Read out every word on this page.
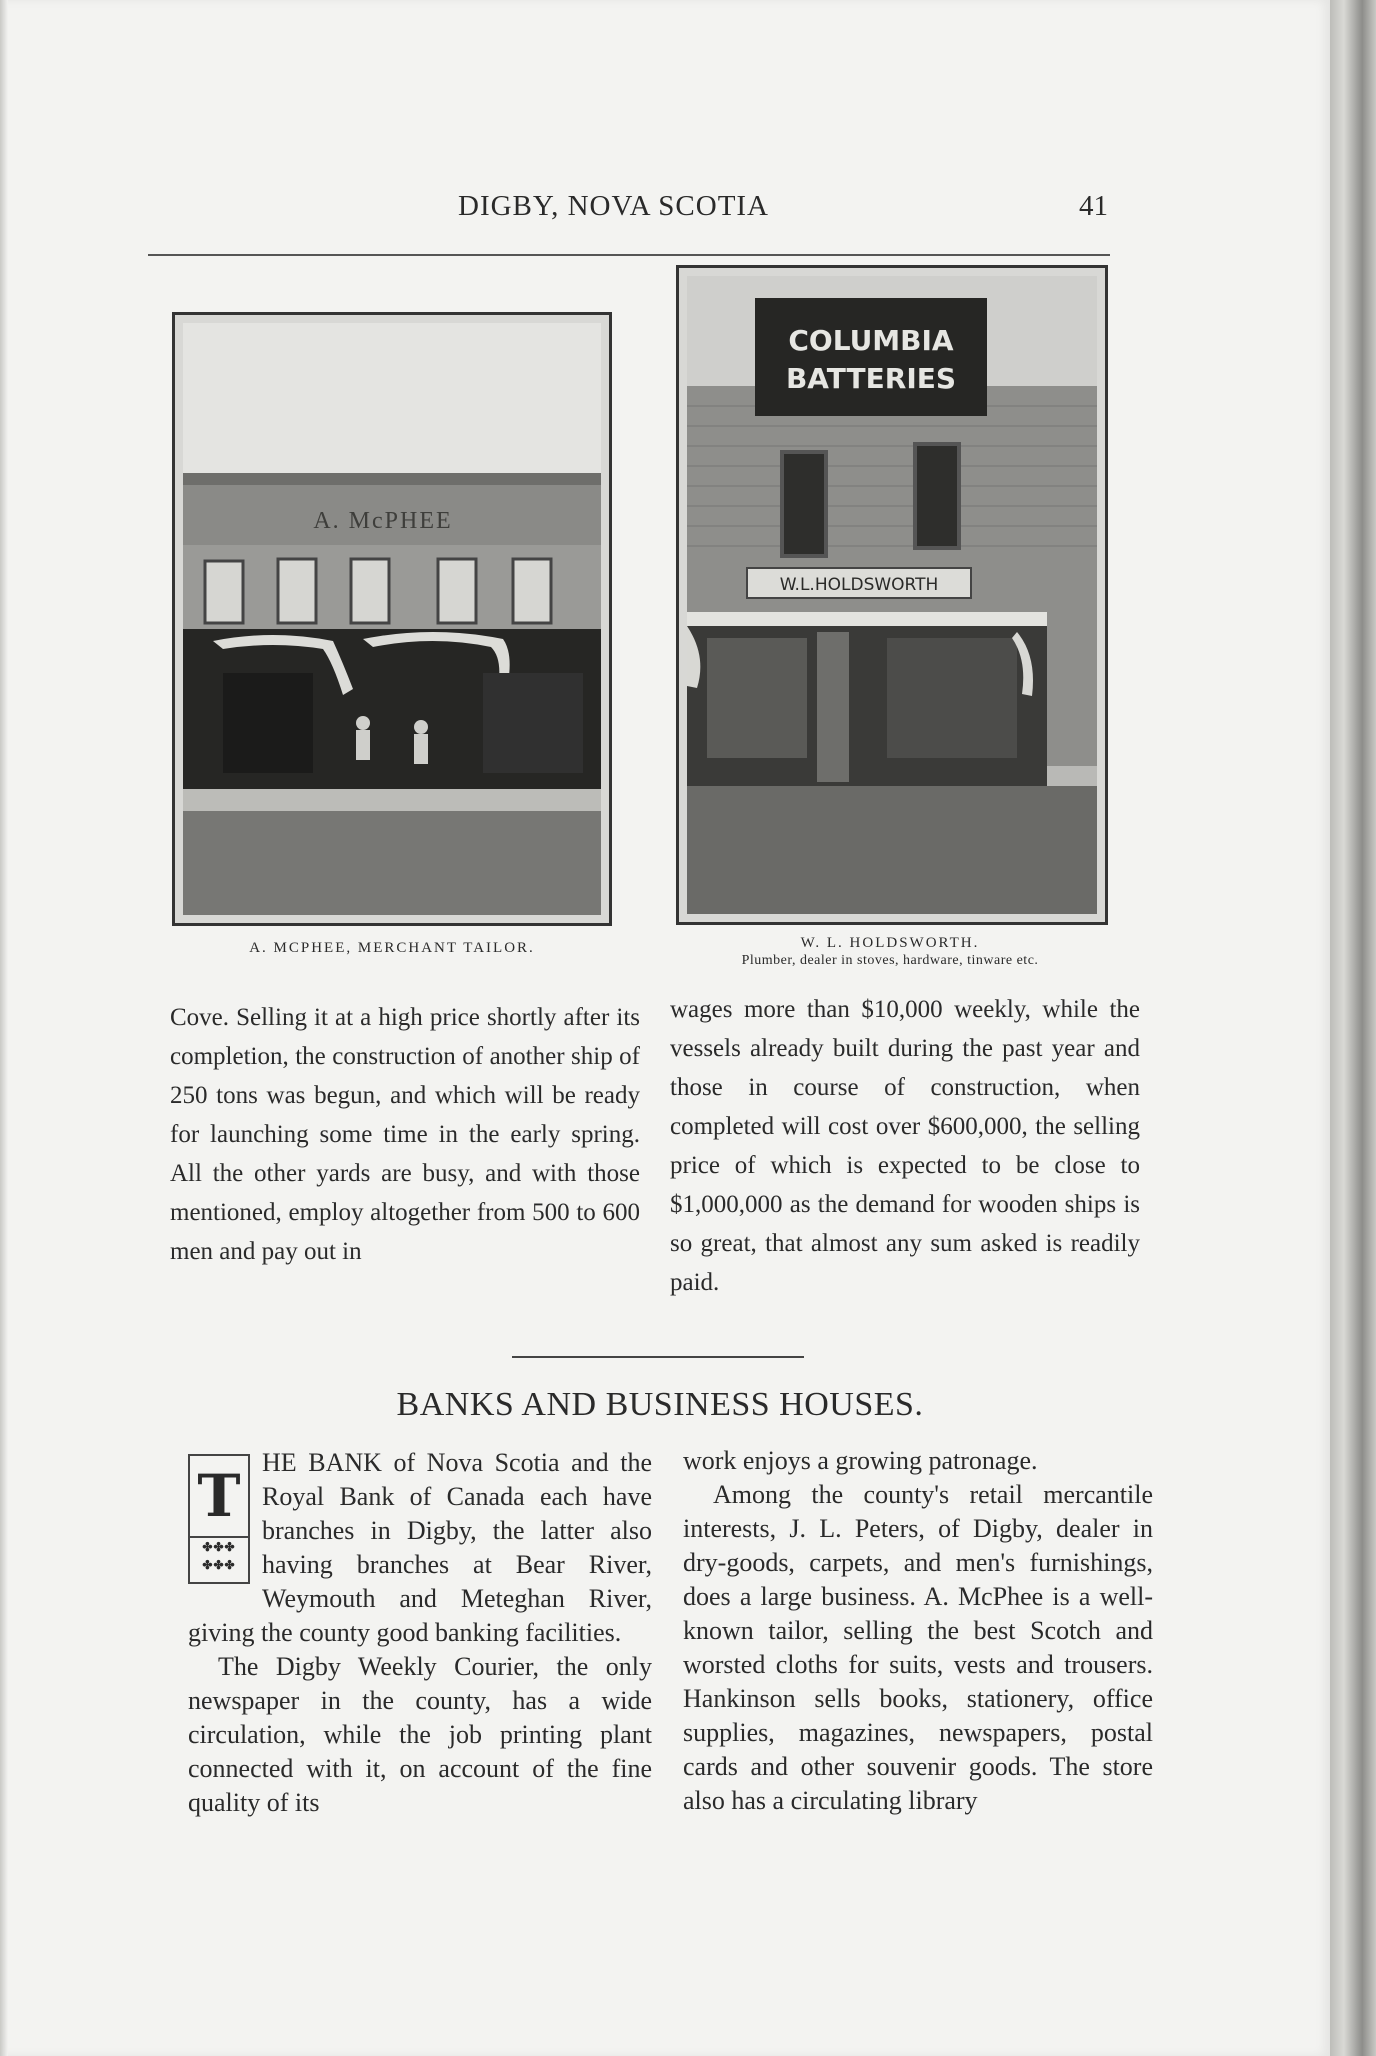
DIGBY, NOVA SCOTIA	41
A. McPHEE
A. MCPHEE, MERCHANT TAILOR.
COLUMBIA
BATTERIES
W.L.HOLDSWORTH
W. L. HOLDSWORTH.
Plumber, dealer in stoves, hardware, tinware etc.

Cove. Selling it at a high price shortly after its completion, the construction of another ship of 250 tons was begun, and which will be ready for launching some time in the early spring. All the other yards are busy, and with those mentioned, employ altogether from 500 to 600 men and pay out in

wages more than $10,000 weekly, while the vessels already built during the past year and those in course of construction, when completed will cost over $600,000, the selling price of which is expected to be close to $1,000,000 as the demand for wooden ships is so great, that almost any sum asked is readily paid.

BANKS AND BUSINESS HOUSES.

T
✤✤✤
✤✤✤
HE BANK of Nova Scotia and the Royal Bank of Canada each have branches in Digby, the latter also having branches at Bear River, Weymouth and Meteghan River, giving the county good banking facilities.

The Digby Weekly Courier, the only newspaper in the county, has a wide circulation, while the job printing plant connected with it, on account of the fine quality of its

work enjoys a growing patronage.

Among the county's retail mercantile interests, J. L. Peters, of Digby, dealer in dry-goods, carpets, and men's furnishings, does a large business. A. McPhee is a well-known tailor, selling the best Scotch and worsted cloths for suits, vests and trousers. Hankinson sells books, stationery, office supplies, magazines, newspapers, postal cards and other souvenir goods. The store also has a circulating library
